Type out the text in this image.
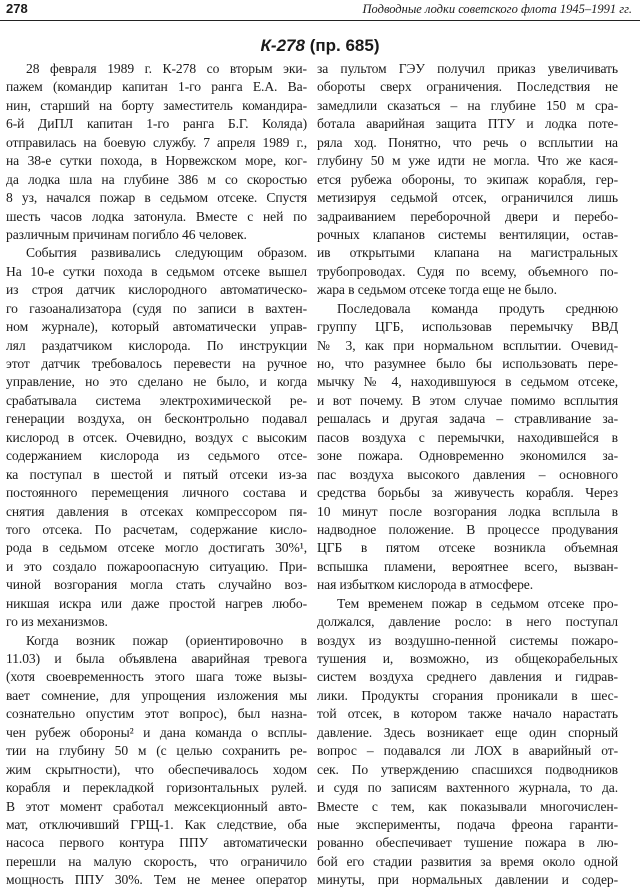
278	Подводные лодки советского флота 1945–1991 гг.
К-278 (пр. 685)
28 февраля 1989 г. К-278 со вторым эки-
пажем (командир капитан 1-го ранга Е.А. Ва-
нин, старший на борту заместитель командира-
6-й ДиПЛ капитан 1-го ранга Б.Г. Коляда)
отправилась на боевую службу. 7 апреля 1989 г.,
на 38-е сутки похода, в Норвежском море, ког-
да лодка шла на глубине 386 м со скоростью
8 уз, начался пожар в седьмом отсеке. Спустя
шесть часов лодка затонула. Вместе с ней по
различным причинам погибло 46 человек.
События развивались следующим образом.
На 10-е сутки похода в седьмом отсеке вышел
из строя датчик кислородного автоматическо-
го газоанализатора (судя по записи в вахтен-
ном журнале), который автоматически управ-
лял раздатчиком кислорода. По инструкции
этот датчик требовалось перевести на ручное
управление, но это сделано не было, и когда
срабатывала система электрохимической ре-
генерации воздуха, он бесконтрольно подавал
кислород в отсек. Очевидно, воздух с высоким
содержанием кислорода из седьмого отсе-
ка поступал в шестой и пятый отсеки из-за
постоянного перемещения личного состава и
снятия давления в отсеках компрессором пя-
того отсека. По расчетам, содержание кисло-
рода в седьмом отсеке могло достигать 30%¹,
и это создало пожароопасную ситуацию. При-
чиной возгорания могла стать случайно воз-
никшая искра или даже простой нагрев любо-
го из механизмов.
Когда возник пожар (ориентировочно в
11.03) и была объявлена аварийная тревога
(хотя своевременность этого шага тоже вызы-
вает сомнение, для упрощения изложения мы
сознательно опустим этот вопрос), был назна-
чен рубеж обороны² и дана команда о всплы-
тии на глубину 50 м (с целью сохранить ре-
жим скрытности), что обеспечивалось ходом
корабля и перекладкой горизонтальных рулей.
В этот момент сработал межсекционный авто-
мат, отключивший ГРЩ-1. Как следствие, оба
насоса первого контура ППУ автоматически
перешли на малую скорость, что ограничило
мощность ППУ 30%. Тем не менее оператор
за пультом ГЭУ получил приказ увеличивать
обороты сверх ограничения. Последствия не
замедлили сказаться – на глубине 150 м сра-
ботала аварийная защита ПТУ и лодка поте-
ряла ход. Понятно, что речь о всплытии на
глубину 50 м уже идти не могла. Что же кася-
ется рубежа обороны, то экипаж корабля, гер-
метизируя седьмой отсек, ограничился лишь
задраиванием переборочной двери и перебо-
рочных клапанов системы вентиляции, остав-
ив открытыми клапана на магистральных
трубопроводах. Судя по всему, объемного по-
жара в седьмом отсеке тогда еще не было.
Последовала команда продуть среднюю
группу ЦГБ, использовав перемычку ВВД
№ 3, как при нормальном всплытии. Очевид-
но, что разумнее было бы использовать пере-
мычку № 4, находившуюся в седьмом отсеке,
и вот почему. В этом случае помимо всплытия
решалась и другая задача – стравливание за-
пасов воздуха с перемычки, находившейся в
зоне пожара. Одновременно экономился за-
пас воздуха высокого давления – основного
средства борьбы за живучесть корабля. Через
10 минут после возгорания лодка всплыла в
надводное положение. В процессе продувания
ЦГБ в пятом отсеке возникла объемная
вспышка пламени, вероятнее всего, вызван-
ная избытком кислорода в атмосфере.
Тем временем пожар в седьмом отсеке про-
должался, давление росло: в него поступал
воздух из воздушно-пенной системы пожаро-
тушения и, возможно, из общекорабельных
систем воздуха среднего давления и гидрав-
лики. Продукты сгорания проникали в шес-
той отсек, в котором также начало нарастать
давление. Здесь возникает еще один спорный
вопрос – подавался ли ЛОХ в аварийный от-
сек. По утверждению спасшихся подводников
и судя по записям вахтенного журнала, то да.
Вместе с тем, как показывали многочислен-
ные эксперименты, подача фреона гаранти-
рованно обеспечивает тушение пожара в лю-
бой его стадии развития за время около одной
минуты, при нормальных давлении и содер-
